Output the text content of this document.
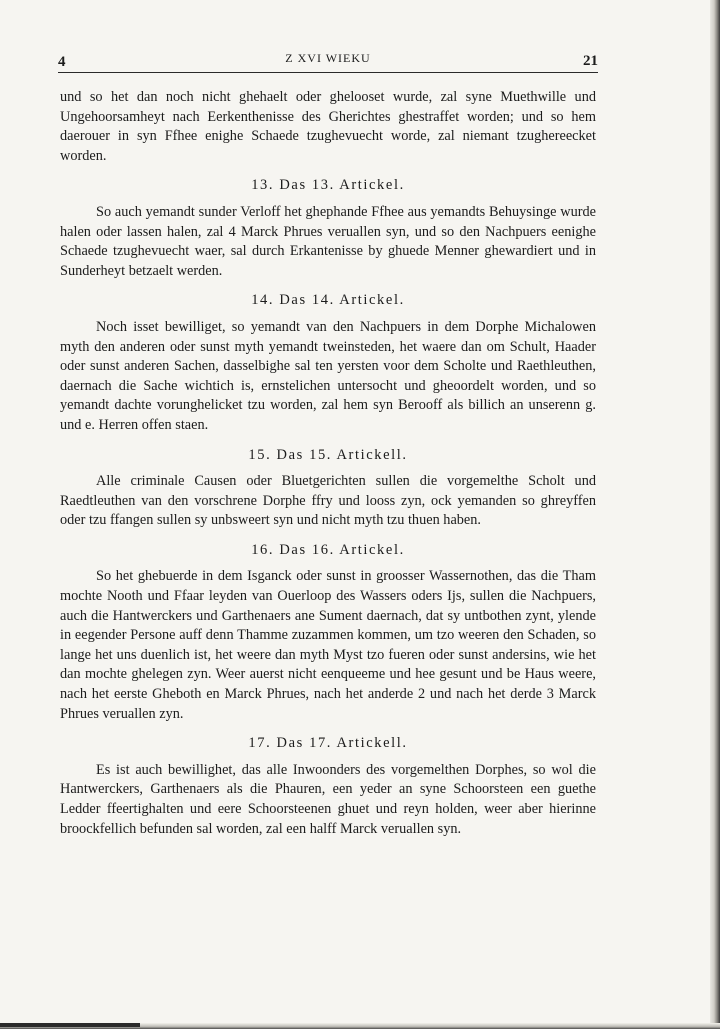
4	Z XVI WIEKU	21

und so het dan noch nicht ghehaelt oder ghelooset wurde, zal syne Muethwille und Ungehoorsamheyt nach Eerkenthenisse des Gherichtes ghestraffet worden; und so hem daerouer in syn Ffhee enighe Schaede tzughevuecht worde, zal niemant tzughereecket worden.

13. Das 13. Artickel.

So auch yemandt sunder Verloff het ghephande Ffhee aus yemandts Behuysinge wurde halen oder lassen halen, zal 4 Marck Phrues veruallen syn, und so den Nachpuers eenighe Schaede tzughevuecht waer, sal durch Erkantenisse by ghuede Menner ghewardiert und in Sunderheyt betzaelt werden.

14. Das 14. Artickel.

Noch isset bewilliget, so yemandt van den Nachpuers in dem Dorphe Michalowen myth den anderen oder sunst myth yemandt tweinsteden, het waere dan om Schult, Haader oder sunst anderen Sachen, dasselbighe sal ten yersten voor dem Scholte und Raethleuthen, daernach die Sache wichtich is, ernstelichen untersocht und gheoordelt worden, und so yemandt dachte vorunghelicket tzu worden, zal hem syn Berooff als billich an unserenn g. und e. Herren offen staen.

15. Das 15. Artickell.

Alle criminale Causen oder Bluetgerichten sullen die vorgemelthe Scholt und Raedtleuthen van den vorschrene Dorphe ffry und looss zyn, ock yemanden so ghreyffen oder tzu ffangen sullen sy unbsweert syn und nicht myth tzu thuen haben.

16. Das 16. Artickel.

So het ghebuerde in dem Isganck oder sunst in groosser Wassernothen, das die Tham mochte Nooth und Ffaar leyden van Ouerloop des Wassers oders Ijs, sullen die Nachpuers, auch die Hantwerckers und Garthenaers ane Sument daernach, dat sy untbothen zynt, ylende in eegender Persone auff denn Thamme zuzammen kommen, um tzo weeren den Schaden, so lange het uns duenlich ist, het weere dan myth Myst tzo fueren oder sunst andersins, wie het dan mochte ghelegen zyn. Weer auerst nicht eenqueeme und hee gesunt und be Haus weere, nach het eerste Gheboth en Marck Phrues, nach het anderde 2 und nach het derde 3 Marck Phrues veruallen zyn.

17. Das 17. Artickell.

Es ist auch bewillighet, das alle Inwoonders des vorgemelthen Dorphes, so wol die Hantwerckers, Garthenaers als die Phauren, een yeder an syne Schoorsteen een guethe Ledder ffeertighalten und eere Schoorsteenen ghuet und reyn holden, weer aber hierinne broockfellich befunden sal worden, zal een halff Marck veruallen syn.
